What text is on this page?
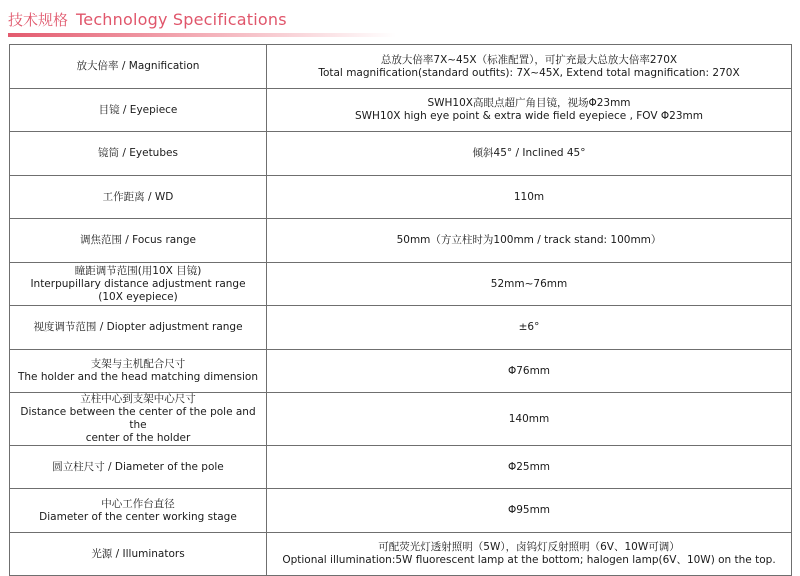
技术规格 Technology Specifications
放大倍率 / Magnification	总放大倍率7X~45X（标准配置），可扩充最大总放大倍率270X
Total magnification(standard outfits): 7X~45X, Extend total magnification: 270X

目镜 / Eyepiece	SWH10X高眼点超广角目镜，视场Φ23mm
SWH10X high eye point & extra wide field eyepiece , FOV Φ23mm

镜筒 / Eyetubes	倾斜45° / Inclined 45°

工作距离 / WD	110m

调焦范围 / Focus range	50mm（方立柱时为100mm / track stand: 100mm）

瞳距调节范围(用10X 目镜)
Interpupillary distance adjustment range
(10X eyepiece)	52mm~76mm

视度调节范围 / Diopter adjustment range	±6°

支架与主机配合尺寸
The holder and the head matching dimension	Φ76mm

立柱中心到支架中心尺寸
Distance between the center of the pole and the
center of the holder	140mm

圆立柱尺寸 / Diameter of the pole	Φ25mm

中心工作台直径
Diameter of the center working stage	Φ95mm

光源 / Illuminators	可配荧光灯透射照明（5W），卤钨灯反射照明（6V、10W可调）
Optional illumination:5W fluorescent lamp at the bottom; halogen lamp(6V、10W) on the top.
